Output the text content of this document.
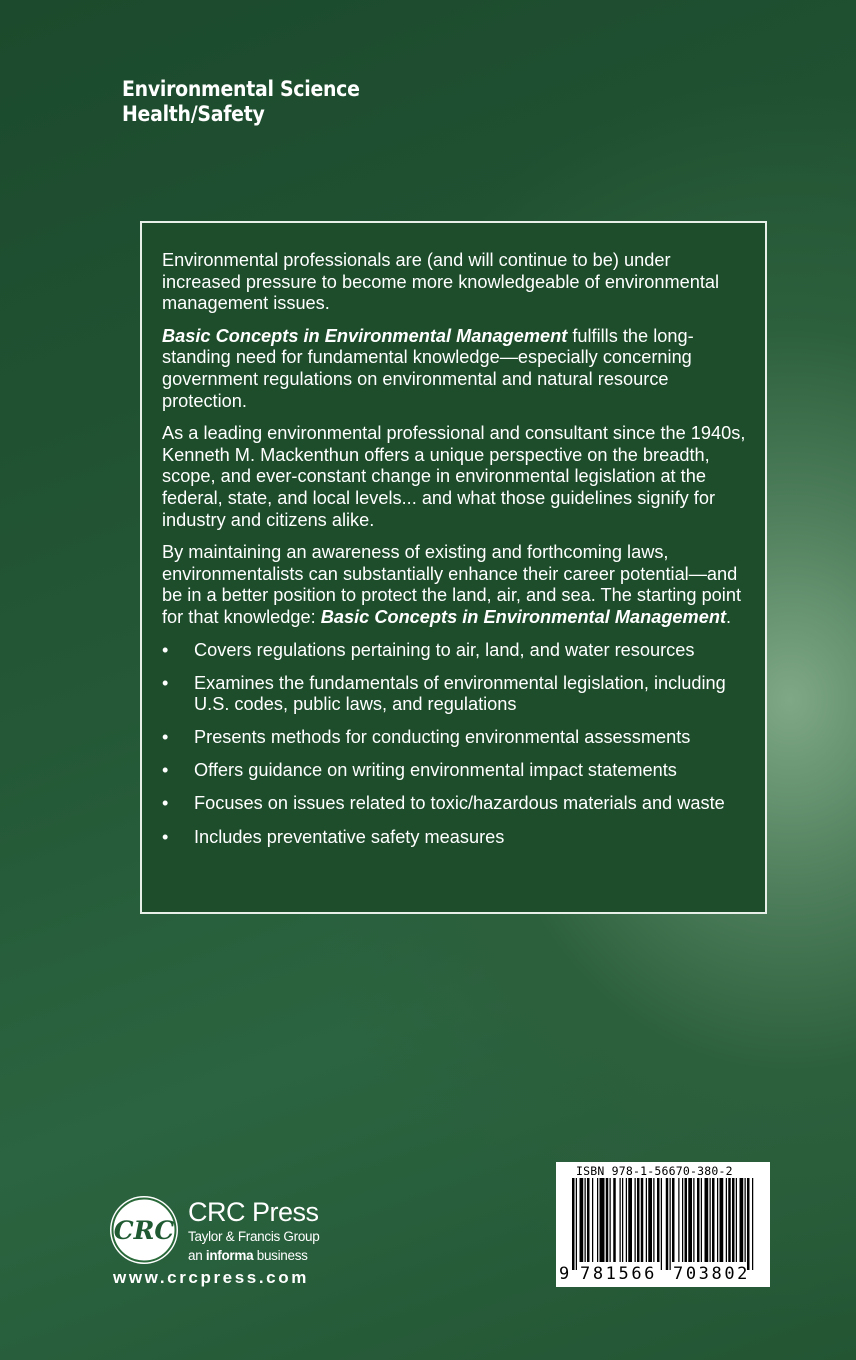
Environmental Science
Health/Safety

Environmental professionals are (and will continue to be) under increased pressure to become more knowledgeable of environmental management issues.

Basic Concepts in Environmental Management fulfills the long-standing need for fundamental knowledge—especially concerning government regulations on environmental and natural resource protection.

As a leading environmental professional and consultant since the 1940s, Kenneth M. Mackenthun offers a unique perspective on the breadth, scope, and ever-constant change in environmental legislation at the federal, state, and local levels... and what those guidelines signify for industry and citizens alike.

By maintaining an awareness of existing and forthcoming laws, environmentalists can substantially enhance their career potential—and be in a better position to protect the land, air, and sea. The starting point for that knowledge: Basic Concepts in Environmental Management.

•	Covers regulations pertaining to air, land, and water resources
•	Examines the fundamentals of environmental legislation, including U.S. codes, public laws, and regulations
•	Presents methods for conducting environmental assessments
•	Offers guidance on writing environmental impact statements
•	Focuses on issues related to toxic/hazardous materials and waste
•	Includes preventative safety measures
CRC
CRC Press
Taylor & Francis Group
an informa business
www.crcpress.com
ISBN 978-1-56670-380-2
9 781566 703802
